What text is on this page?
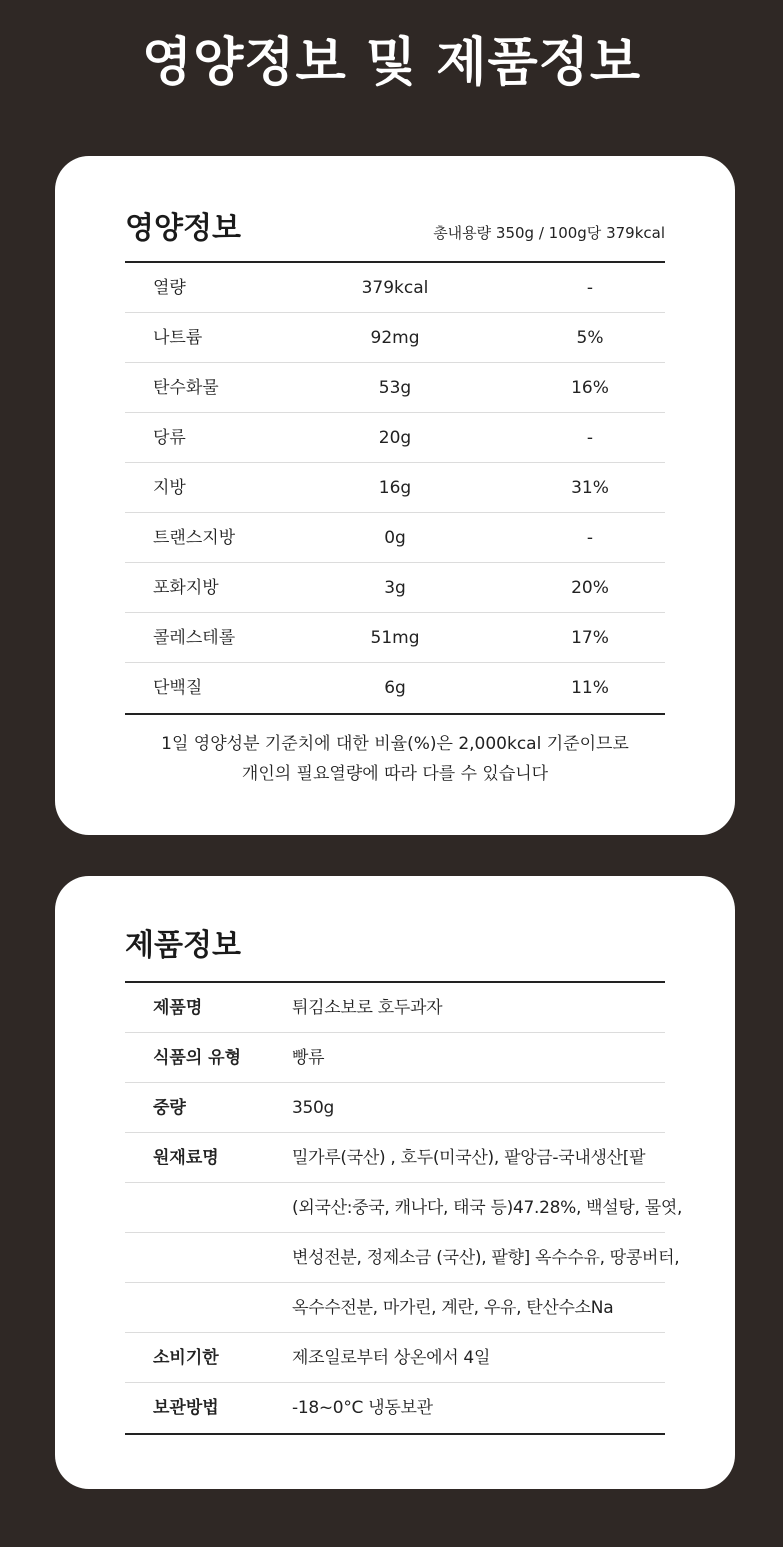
영양정보 및 제품정보
영양정보	총내용량 350g / 100g당 379kcal
열량	379kcal	-
나트륨	92mg	5%
탄수화물	53g	16%
당류	20g	-
지방	16g	31%
트랜스지방	0g	-
포화지방	3g	20%
콜레스테롤	51mg	17%
단백질	6g	11%
1일 영양성분 기준치에 대한 비율(%)은 2,000kcal 기준이므로
개인의 필요열량에 따라 다를 수 있습니다
제품정보
제품명	튀김소보로 호두과자
식품의 유형	빵류
중량	350g
원재료명	밀가루(국산) , 호두(미국산), 팥앙금-국내생산[팥
(외국산:중국, 캐나다, 태국 등)47.28%, 백설탕, 물엿,
변성전분, 정제소금 (국산), 팥향] 옥수수유, 땅콩버터,
옥수수전분, 마가린, 계란, 우유, 탄산수소Na
소비기한	제조일로부터 상온에서 4일
보관방법	-18~0°C 냉동보관
